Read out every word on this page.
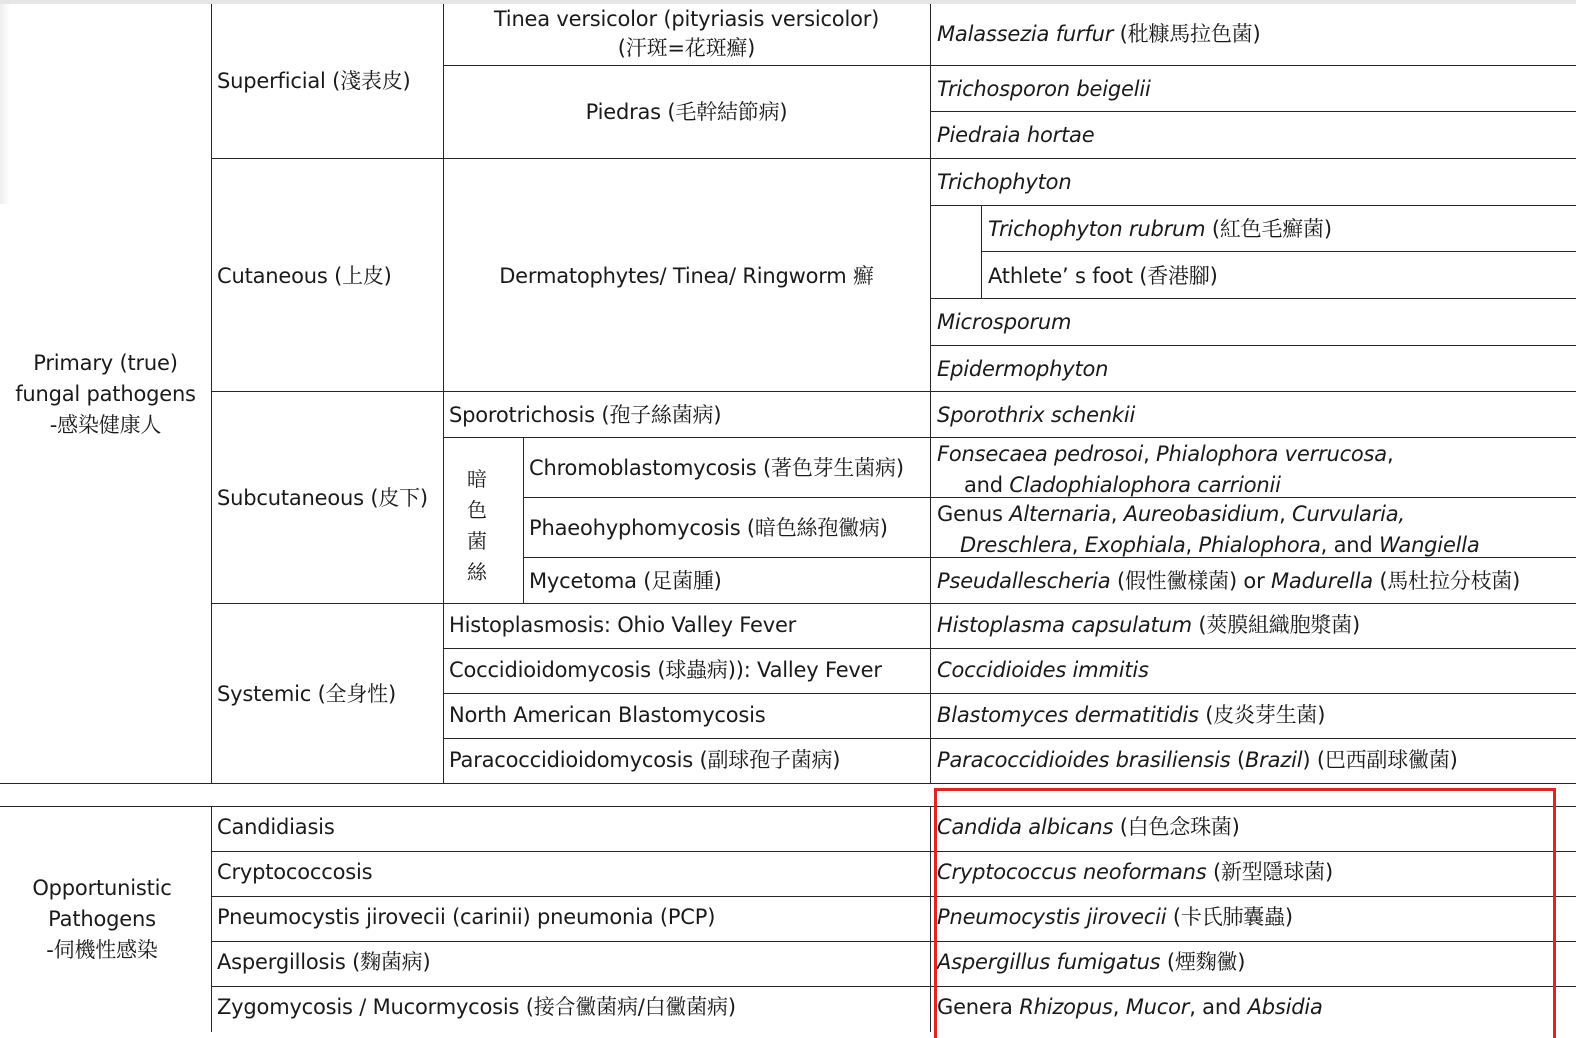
Primary (true)
fungal pathogens
-感染健康人
Superficial (淺表皮)
Tinea versicolor (pityriasis versicolor)
(汗斑=花斑癬)
Piedras (毛幹結節病)
Malassezia furfur (秕糠馬拉色菌)
Trichosporon beigelii
Piedraia hortae
Cutaneous (上皮)	Dermatophytes/ Tinea/ Ringworm 癬
Trichophyton
Trichophyton rubrum (紅色毛癬菌)
Athlete’ s foot (香港腳)
Microsporum
Epidermophyton
Subcutaneous (皮下)
暗色菌絲
Sporotrichosis (孢子絲菌病)
Chromoblastomycosis (著色芽生菌病)
Phaeohyphomycosis (暗色絲孢黴病)
Mycetoma (足菌腫)
Sporothrix schenkii
Fonsecaea pedrosoi, Phialophora verrucosa,
and Cladophialophora carrionii
Genus Alternaria, Aureobasidium, Curvularia,
Dreschlera, Exophiala, Phialophora, and Wangiella
Pseudallescheria (假性黴樣菌) or Madurella (馬杜拉分枝菌)
Systemic (全身性)
Histoplasmosis: Ohio Valley Fever
Coccidioidomycosis (球蟲病)): Valley Fever
North American Blastomycosis
Paracoccidioidomycosis (副球孢子菌病)
Histoplasma capsulatum (莢膜組織胞漿菌)
Coccidioides immitis
Blastomyces dermatitidis (皮炎芽生菌)
Paracoccidioides brasiliensis (Brazil) (巴西副球黴菌)
Opportunistic
Pathogens
-伺機性感染
Candidiasis
Cryptococcosis
Pneumocystis jirovecii (carinii) pneumonia (PCP)
Aspergillosis (麴菌病)
Zygomycosis / Mucormycosis (接合黴菌病/白黴菌病)
Candida albicans (白色念珠菌)
Cryptococcus neoformans (新型隱球菌)
Pneumocystis jirovecii (卡氏肺囊蟲)
Aspergillus fumigatus (煙麴黴)
Genera Rhizopus, Mucor, and Absidia
